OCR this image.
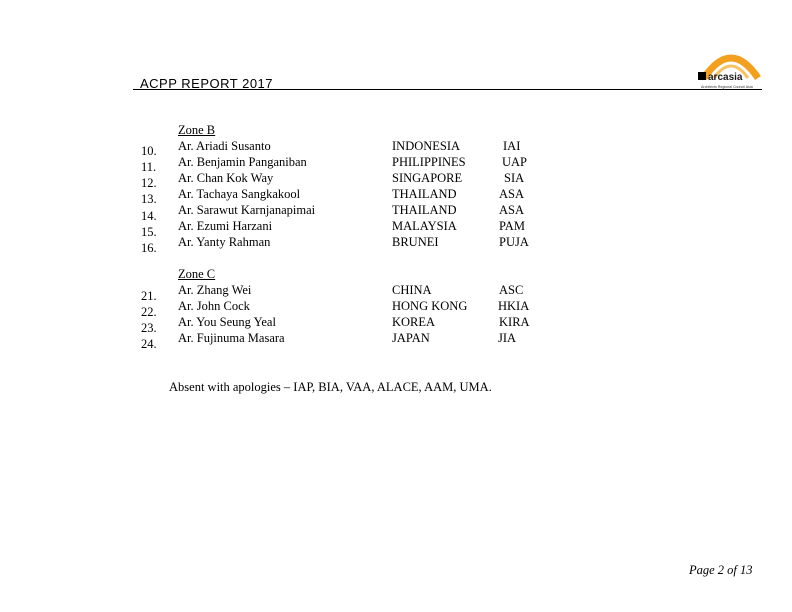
ACPP REPORT 2017	arcasia
Architects Regional Council Asia
Zone B
10.
11.
12.
13.
14.
15.
16.
Ar. Ariadi Susanto
Ar. Benjamin Panganiban
Ar. Chan Kok Way
Ar. Tachaya Sangkakool
Ar. Sarawut Karnjanapimai
Ar. Ezumi Harzani
Ar. Yanty Rahman
INDONESIA
PHILIPPINES
SINGAPORE
THAILAND
THAILAND
MALAYSIA
BRUNEI
IAI
UAP
SIA
ASA
ASA
PAM
PUJA
Zone C
21.
22.
23.
24.
Ar. Zhang Wei
Ar. John Cock
Ar. You Seung Yeal
Ar. Fujinuma Masara
CHINA
HONG KONG
KOREA
JAPAN
ASC
HKIA
KIRA
JIA
Absent with apologies – IAP, BIA, VAA, ALACE, AAM, UMA.
Page 2 of 13
